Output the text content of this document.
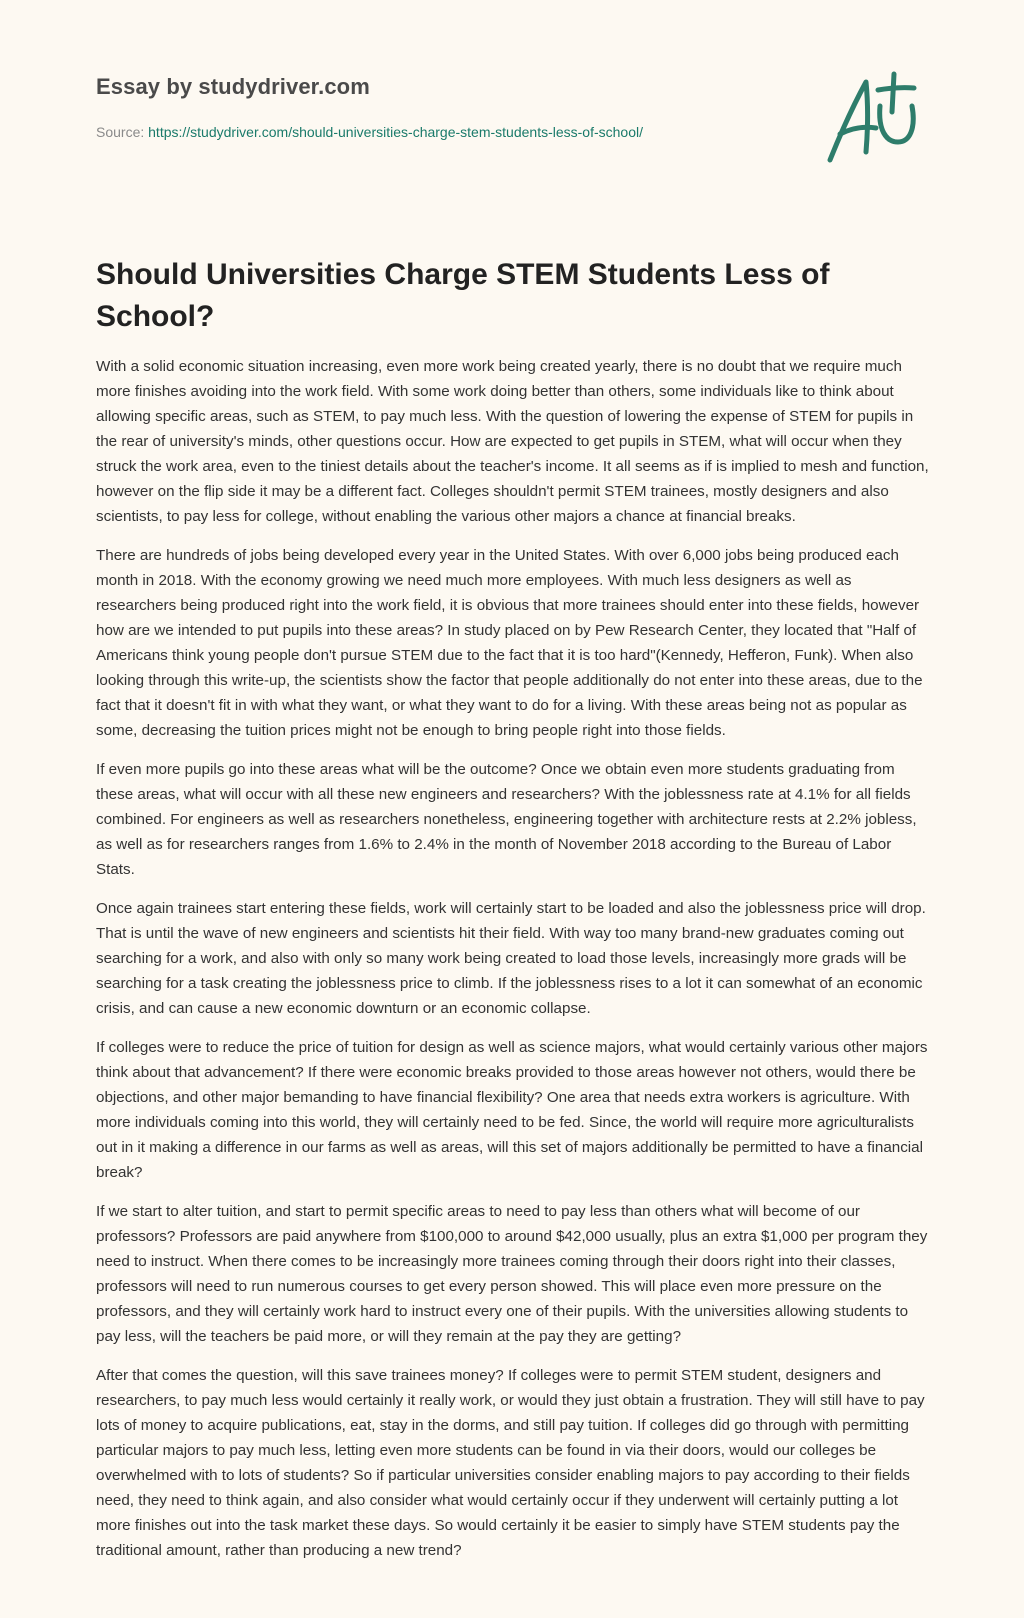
Essay by studydriver.com
Source: https://studydriver.com/should-universities-charge-stem-students-less-of-school/
Should Universities Charge STEM Students Less of School?

With a solid economic situation increasing, even more work being created yearly, there is no doubt that we require much more finishes avoiding into the work field. With some work doing better than others, some individuals like to think about allowing specific areas, such as STEM, to pay much less. With the question of lowering the expense of STEM for pupils in the rear of university's minds, other questions occur. How are expected to get pupils in STEM, what will occur when they struck the work area, even to the tiniest details about the teacher's income. It all seems as if is implied to mesh and function, however on the flip side it may be a different fact. Colleges shouldn't permit STEM trainees, mostly designers and also scientists, to pay less for college, without enabling the various other majors a chance at financial breaks.

There are hundreds of jobs being developed every year in the United States. With over 6,000 jobs being produced each month in 2018. With the economy growing we need much more employees. With much less designers as well as researchers being produced right into the work field, it is obvious that more trainees should enter into these fields, however how are we intended to put pupils into these areas? In study placed on by Pew Research Center, they located that "Half of Americans think young people don't pursue STEM due to the fact that it is too hard"(Kennedy, Hefferon, Funk). When also looking through this write-up, the scientists show the factor that people additionally do not enter into these areas, due to the fact that it doesn't fit in with what they want, or what they want to do for a living. With these areas being not as popular as some, decreasing the tuition prices might not be enough to bring people right into those fields.

If even more pupils go into these areas what will be the outcome? Once we obtain even more students graduating from these areas, what will occur with all these new engineers and researchers? With the joblessness rate at 4.1% for all fields combined. For engineers as well as researchers nonetheless, engineering together with architecture rests at 2.2% jobless, as well as for researchers ranges from 1.6% to 2.4% in the month of November 2018 according to the Bureau of Labor Stats.

Once again trainees start entering these fields, work will certainly start to be loaded and also the joblessness price will drop. That is until the wave of new engineers and scientists hit their field. With way too many brand-new graduates coming out searching for a work, and also with only so many work being created to load those levels, increasingly more grads will be searching for a task creating the joblessness price to climb. If the joblessness rises to a lot it can somewhat of an economic crisis, and can cause a new economic downturn or an economic collapse.

If colleges were to reduce the price of tuition for design as well as science majors, what would certainly various other majors think about that advancement? If there were economic breaks provided to those areas however not others, would there be objections, and other major bemanding to have financial flexibility? One area that needs extra workers is agriculture. With more individuals coming into this world, they will certainly need to be fed. Since, the world will require more agriculturalists out in it making a difference in our farms as well as areas, will this set of majors additionally be permitted to have a financial break?

If we start to alter tuition, and start to permit specific areas to need to pay less than others what will become of our professors? Professors are paid anywhere from $100,000 to around $42,000 usually, plus an extra $1,000 per program they need to instruct. When there comes to be increasingly more trainees coming through their doors right into their classes, professors will need to run numerous courses to get every person showed. This will place even more pressure on the professors, and they will certainly work hard to instruct every one of their pupils. With the universities allowing students to pay less, will the teachers be paid more, or will they remain at the pay they are getting?

After that comes the question, will this save trainees money? If colleges were to permit STEM student, designers and researchers, to pay much less would certainly it really work, or would they just obtain a frustration. They will still have to pay lots of money to acquire publications, eat, stay in the dorms, and still pay tuition. If colleges did go through with permitting particular majors to pay much less, letting even more students can be found in via their doors, would our colleges be overwhelmed with to lots of students? So if particular universities consider enabling majors to pay according to their fields need, they need to think again, and also consider what would certainly occur if they underwent will certainly putting a lot more finishes out into the task market these days. So would certainly it be easier to simply have STEM students pay the traditional amount, rather than producing a new trend?
